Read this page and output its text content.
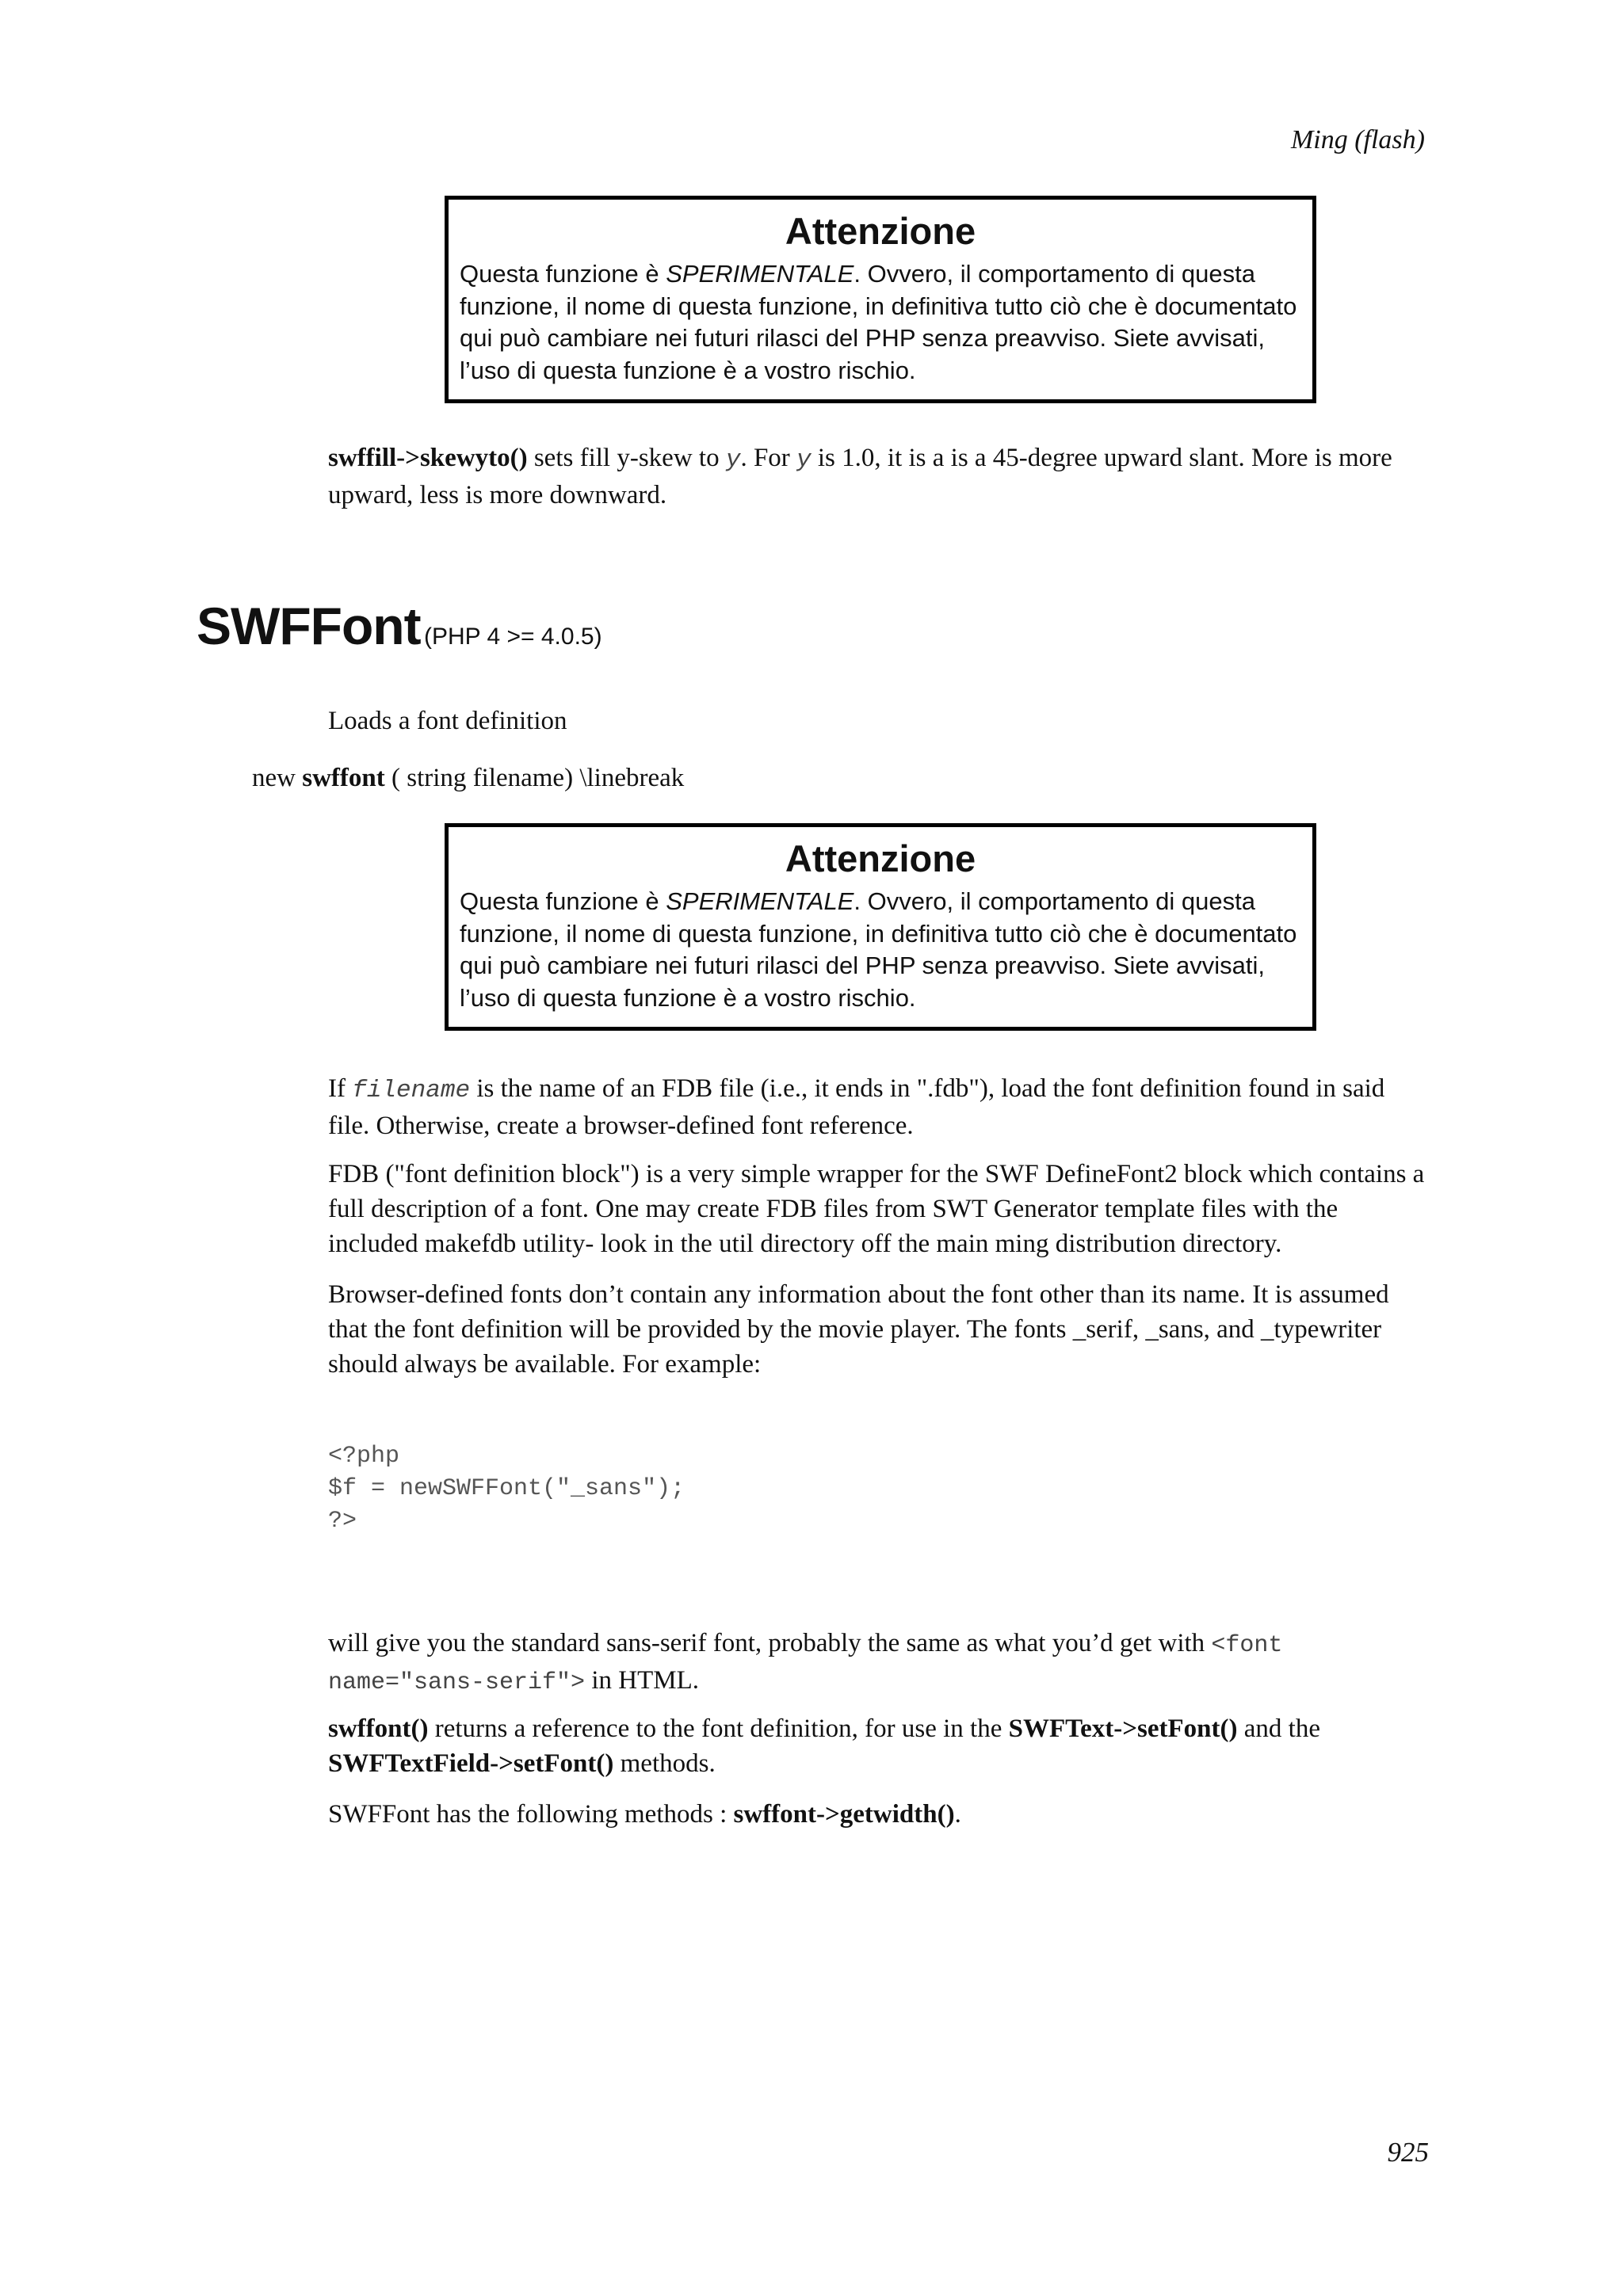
Ming (flash)
Attenzione
Questa funzione è SPERIMENTALE. Ovvero, il comportamento di questa
funzione, il nome di questa funzione, in definitiva tutto ciò che è documentato
qui può cambiare nei futuri rilasci del PHP senza preavviso. Siete avvisati,
l’uso di questa funzione è a vostro rischio.
swffill->skewyto() sets fill y-skew to y. For y is 1.0, it is a is a 45-degree upward slant. More is more upward, less is more downward.
SWFFont (PHP 4 >= 4.0.5)
Loads a font definition
new swffont ( string filename) \linebreak
Attenzione
Questa funzione è SPERIMENTALE. Ovvero, il comportamento di questa
funzione, il nome di questa funzione, in definitiva tutto ciò che è documentato
qui può cambiare nei futuri rilasci del PHP senza preavviso. Siete avvisati,
l’uso di questa funzione è a vostro rischio.
If filename is the name of an FDB file (i.e., it ends in ".fdb"), load the font definition found in said file. Otherwise, create a browser-defined font reference.
FDB ("font definition block") is a very simple wrapper for the SWF DefineFont2 block which contains a full description of a font. One may create FDB files from SWT Generator template files with the included makefdb utility- look in the util directory off the main ming distribution directory.
Browser-defined fonts don’t contain any information about the font other than its name. It is assumed that the font definition will be provided by the movie player. The fonts _serif, _sans, and _typewriter should always be available. For example:
<?php
$f = newSWFFont("_sans");
?>
will give you the standard sans-serif font, probably the same as what you’d get with <font name="sans-serif"> in HTML.
swffont() returns a reference to the font definition, for use in the SWFText->setFont() and the SWFTextField->setFont() methods.
SWFFont has the following methods : swffont->getwidth().
925
